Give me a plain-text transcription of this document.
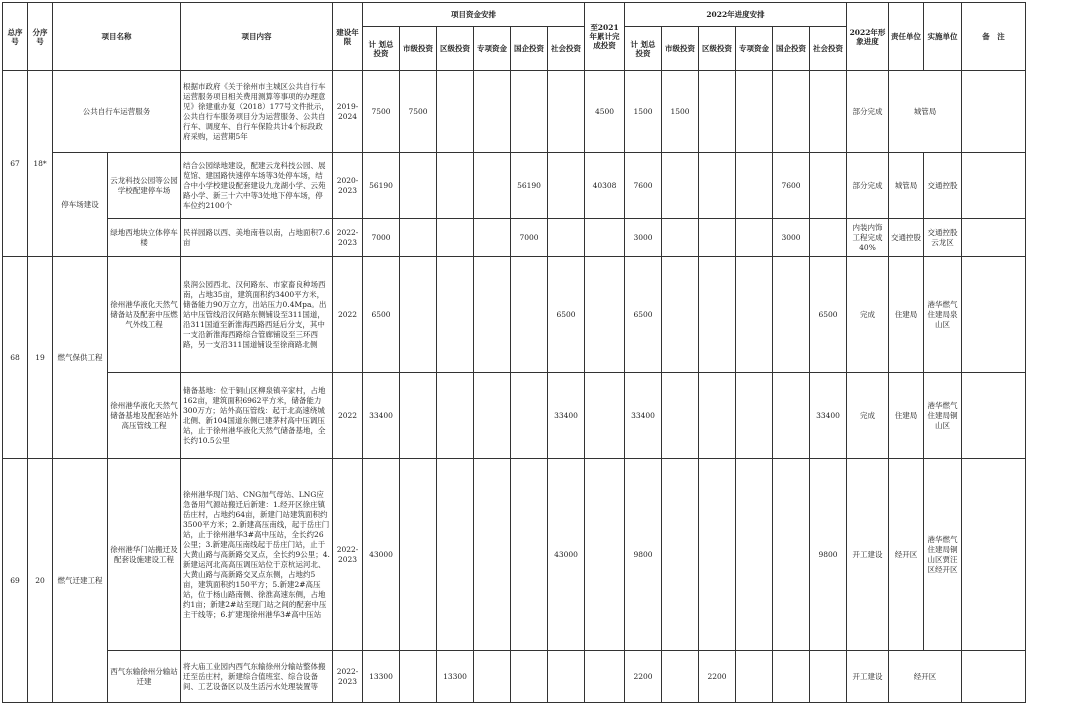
总序号	分序号	项目名称		项目内容	建设年限	项目资金安排						至2021年累计完成投资	2022年进度安排						2022年形象进度	责任单位	实施单位	备　注
						计 划总投资	市级投资	区级投资	专项资金	国企投资	社会投资		计 划总投资	市级投资	区级投资	专项资金	国企投资	社会投资				
67	18*	公共自行车运营服务		根据市政府《关于徐州市主城区公共自行车运营服务项目相关费用测算等事项的办理意见》徐建重办复（2018）177号文件批示，公共自行车服务项目分为运营服务、公共自行车、调度车、自行车保险共计4个标段政府采购，运营期5年	2019-2024	7500	7500					4500	1500	1500					部分完成	城管局		
		停车场建设	云龙科技公园等公园学校配建停车场	结合公园绿地建设，配建云龙科技公园、展览馆、建国路快速停车场等3处停车场，结合中小学校建设配套建设九龙湖小学、云苑路小学、新三十六中等3处地下停车场，停车位约2100个	2020-2023	56190				56190		40308	7600				7600		部分完成	城管局	交通控股	
			绿地西地块立体停车楼	民祥园路以西、美地南巷以南，占地面积7.6亩	2022-2023	7000				7000			3000				3000		内装内饰工程完成40%	交通控股	交通控股云龙区	
68	19	燃气保供工程	徐州港华液化天然气储备站及配套中压燃气外线工程	泉润公园西北、汉何路东、市家畜良种场西南，占地35亩，建筑面积约3400平方米，储备能力90万立方，出站压力0.4Mpa。出站中压管线沿汉何路东侧铺设至311国道，沿311国道至新淮海西路西延后分支，其中一支沿新淮海西路综合管廊铺设至三环西路，另一支沿311国道铺设至徐商路北侧	2022	6500					6500		6500					6500	完成	住建局	港华燃气住建局泉山区	
			徐州港华液化天然气储备基地及配套站外高压管线工程	储备基地：位于铜山区柳泉镇辛家村，占地162亩，建筑面积6962平方米，储备能力300万方；站外高压管线：起于北高速绕城北侧、新104国道东侧已建茅村高中压调压站，止于徐州港华液化天然气储备基地，全长约10.5公里	2022	33400					33400		33400					33400	完成	住建局	港华燃气住建局铜山区	
69	20	燃气迁建工程	徐州港华门站搬迁及配套设施建设工程	徐州港华现门站、CNG加气母站、LNG应急备用气源站搬迁后新建：1.经开区徐庄镇岳庄村，占地约64亩，新建门站建筑面积约3500平方米；2.新建高压南线，起于岳庄门站，止于徐州港华3#高中压站，全长约26公里；3.新建高压南线起于岳庄门站，止于大黄山路与高新路交叉点，全长约9公里；4.新建运河北高高压调压站位于京杭运河北、大黄山路与高新路交叉点东侧，占地约5亩，建筑面积约150平方；5.新建2#高压站，位于杨山路南侧、徐淮高速东侧，占地约1亩；新建2#站至现门站之间的配套中压主干线等；6.扩建现徐州港华3#高中压站	2022-2023	43000					43000		9800					9800	开工建设	经开区	港华燃气住建局铜山区贾汪区经开区	
			西气东输徐州分输站迁建	将大庙工业园内西气东输徐州分输站整体搬迁至岳庄村，新建综合值班室、综合设备间、工艺设备区以及生活污水处理装置等	2022-2023	13300		13300					2200		2200				开工建设	经开区		
